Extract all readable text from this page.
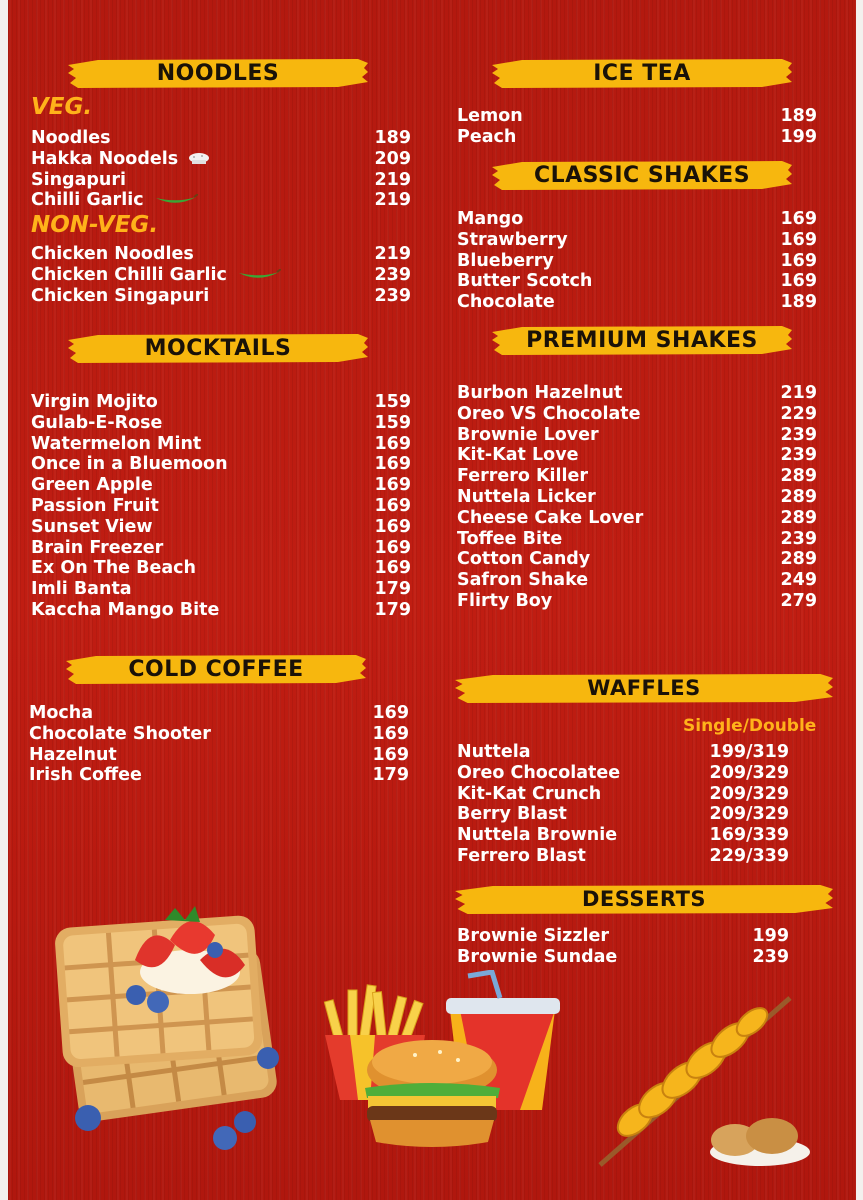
NOODLES
VEG.
Noodles	189
Hakka Noodels	209
Singapuri	219
Chilli Garlic	219
NON-VEG.
Chicken Noodles	219
Chicken Chilli Garlic	239
Chicken Singapuri	239
MOCKTAILS
Virgin Mojito	159
Gulab-E-Rose	159
Watermelon Mint	169
Once in a Bluemoon	169
Green Apple	169
Passion Fruit	169
Sunset View	169
Brain Freezer	169
Ex On The Beach	169
Imli Banta	179
Kaccha Mango Bite	179
COLD COFFEE
Mocha	169
Chocolate Shooter	169
Hazelnut	169
Irish Coffee	179
ICE TEA
Lemon	189
Peach	199
CLASSIC SHAKES
Mango	169
Strawberry	169
Blueberry	169
Butter Scotch	169
Chocolate	189
PREMIUM SHAKES
Burbon Hazelnut	219
Oreo VS Chocolate	229
Brownie Lover	239
Kit-Kat Love	239
Ferrero Killer	289
Nuttela Licker	289
Cheese Cake Lover	289
Toffee Bite	239
Cotton Candy	289
Safron Shake	249
Flirty Boy	279
WAFFLES
Single/Double
Nuttela	199/319
Oreo Chocolatee	209/329
Kit-Kat Crunch	209/329
Berry Blast	209/329
Nuttela Brownie	169/339
Ferrero Blast	229/339
DESSERTS
Brownie Sizzler	199
Brownie Sundae	239
